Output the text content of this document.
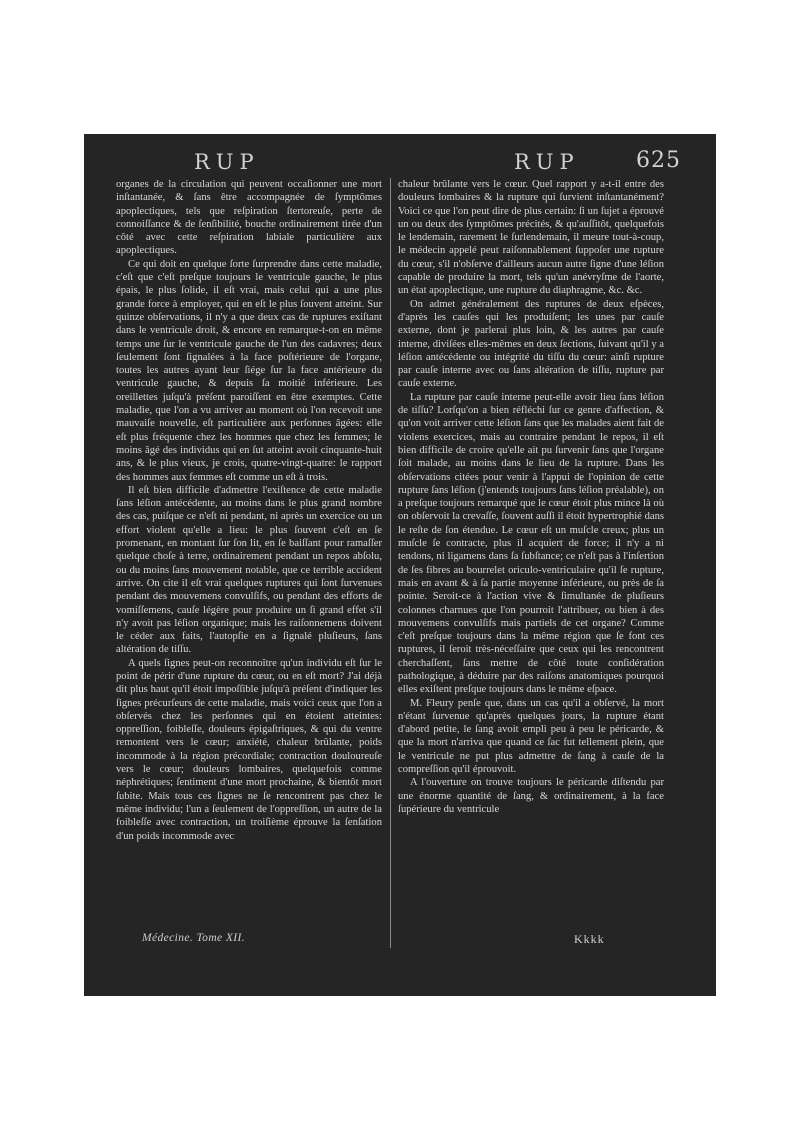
RUP	RUP	625

organes de la circulation qui peuvent occaſionner une mort inſtantanée, & ſans être accompagnée de ſymptômes apoplectiques, tels que reſpiration ſtertoreuſe, perte de connoiſſance & de ſenſibilité, bouche ordinairement tirée d'un côté avec cette reſpiration labiale particulière aux apoplectiques.

Ce qui doit en quelque ſorte ſurprendre dans cette maladie, c'eſt que c'eſt preſque toujours le ventricule gauche, le plus épais, le plus ſolide, il eſt vrai, mais celui qui a une plus grande force à employer, qui en eſt le plus ſouvent atteint. Sur quinze obſervations, il n'y a que deux cas de ruptures exiſtant dans le ventricule droit, & encore en remarque-t-on en même temps une ſur le ventricule gauche de l'un des cadavres; deux ſeulement ſont ſignalées à la face poſtérieure de l'organe, toutes les autres ayant leur ſiége ſur la face antérieure du ventricule gauche, & depuis ſa moitié inférieure. Les oreillettes juſqu'à préſent paroiſſent en être exemptes. Cette maladie, que l'on a vu arriver au moment où l'on recevoit une mauvaiſe nouvelle, eſt particulière aux perſonnes âgées: elle eſt plus fréquente chez les hommes que chez les femmes; le moins âgé des individus qui en ſut atteint avoit cinquante-huit ans, & le plus vieux, je crois, quatre-vingt-quatre: le rapport des hommes aux femmes eſt comme un eſt à trois.

Il eſt bien difficile d'admettre l'exiſtence de cette maladie ſans léſion antécédente, au moins dans le plus grand nombre des cas, puiſque ce n'eſt ni pendant, ni après un exercice ou un effort violent qu'elle a lieu: le plus ſouvent c'eſt en ſe promenant, en montant ſur ſon lit, en ſe baiſſant pour ramaſſer quelque choſe à terre, ordinairement pendant un repos abſolu, ou du moins ſans mouvement notable, que ce terrible accident arrive. On cite il eſt vrai quelques ruptures qui ſont ſurvenues pendant des mouvemens convulſifs, ou pendant des efforts de vomiſſemens, cauſe légère pour produire un ſi grand effet s'il n'y avoit pas léſion organique; mais les raiſonnemens doivent le céder aux faits, l'autopſie en a ſignalé pluſieurs, ſans altération de tiſſu.

A quels ſignes peut-on reconnoître qu'un individu eſt ſur le point de périr d'une rupture du cœur, ou en eſt mort? J'ai déjà dit plus haut qu'il étoit impoſſible juſqu'à préſent d'indiquer les ſignes précurſeurs de cette maladie, mais voici ceux que l'on a obſervés chez les perſonnes qui en étoient atteintes: oppreſſion, foibleſſe, douleurs épigaſtriques, & qui du ventre remontent vers le cœur; anxiété, chaleur brûlante, poids incommode à la région précordiale; contraction douloureuſe vers le cœur; douleurs lombaires, quelquefois comme néphrétiques; ſentiment d'une mort prochaine, & bientôt mort ſubite. Mais tous ces ſignes ne ſe rencontrent pas chez le même individu; l'un a ſeulement de l'oppreſſion, un autre de la foibleſſe avec contraction, un troiſième éprouve la ſenſation d'un poids incommode avec

chaleur brûlante vers le cœur. Quel rapport y a-t-il entre des douleurs lombaires & la rupture qui ſurvient inſtantanément? Voici ce que l'on peut dire de plus certain: ſi un ſujet a éprouvé un ou deux des ſymptômes précités, & qu'auſſitôt, quelquefois le lendemain, rarement le ſurlendemain, il meure tout-à-coup, le médecin appelé peut raiſonnablement ſuppoſer une rupture du cœur, s'il n'obſerve d'ailleurs aucun autre ſigne d'une léſion capable de produire la mort, tels qu'un anévryſme de l'aorte, un état apoplectique, une rupture du diaphragme, &c. &c.

On admet généralement des ruptures de deux eſpèces, d'après les cauſes qui les produiſent; les unes par cauſe externe, dont je parlerai plus loin, & les autres par cauſe interne, diviſées elles-mêmes en deux ſections, ſuivant qu'il y a léſion antécédente ou intégrité du tiſſu du cœur: ainſi rupture par cauſe interne avec ou ſans altération de tiſſu, rupture par cauſe externe.

La rupture par cauſe interne peut-elle avoir lieu ſans léſion de tiſſu? Lorſqu'on a bien réfléchi ſur ce genre d'affection, & qu'on voit arriver cette léſion ſans que les malades aient fait de violens exercices, mais au contraire pendant le repos, il eſt bien difficile de croire qu'elle ait pu ſurvenir ſans que l'organe ſoit malade, au moins dans le lieu de la rupture. Dans les obſervations citées pour venir à l'appui de l'opinion de cette rupture ſans léſion (j'entends toujours ſans léſion préalable), on a preſque toujours remarqué que le cœur étoit plus mince là où on obſervoit la crevaſſe, ſouvent auſſi il étoit hypertrophié dans le reſte de ſon étendue. Le cœur eſt un muſcle creux; plus un muſcle ſe contracte, plus il acquiert de force; il n'y a ni tendons, ni ligamens dans ſa ſubſtance; ce n'eſt pas à l'inſertion de ſes fibres au bourrelet oriculo-ventriculaire qu'il ſe rupture, mais en avant & à ſa partie moyenne inférieure, ou près de ſa pointe. Seroit-ce à l'action vive & ſimultanée de pluſieurs colonnes charnues que l'on pourroit l'attribuer, ou bien à des mouvemens convulſifs mais partiels de cet organe? Comme c'eſt preſque toujours dans la même région que ſe font ces ruptures, il ſeroit très-néceſſaire que ceux qui les rencontrent cherchaſſent, ſans mettre de côté toute conſidération pathologique, à déduire par des raiſons anatomiques pourquoi elles exiſtent preſque toujours dans le même eſpace.

M. Fleury penſe que, dans un cas qu'il a obſervé, la mort n'étant ſurvenue qu'après quelques jours, la rupture étant d'abord petite, le ſang avoit empli peu à peu le péricarde, & que la mort n'arriva que quand ce ſac fut tellement plein, que le ventricule ne put plus admettre de ſang à cauſe de la compreſſion qu'il éprouvoit.

A l'ouverture on trouve toujours le péricarde diſtendu par une énorme quantité de ſang, & ordinairement, à la face ſupérieure du ventricule

Médecine. Tome XII.	Kkkk
